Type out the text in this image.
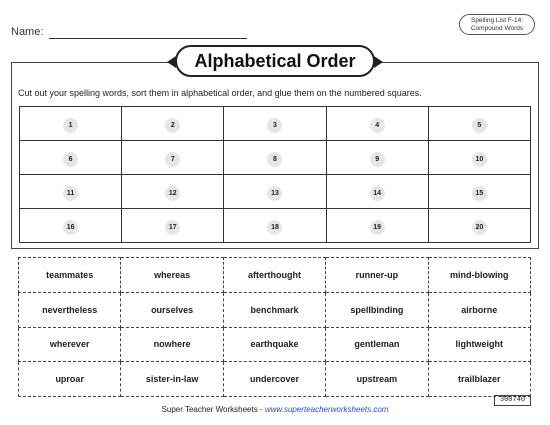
Name:
Spelling List F-14:
Compound Words
Alphabetical Order
Cut out your spelling words, sort them in alphabetical order, and glue them on the numbered squares.
1	2	3	4	5
6	7	8	9	10
11	12	13	14	15
16	17	18	19	20
teammates	whereas	afterthought	runner-up	mind-blowing
nevertheless	ourselves	benchmark	spellbinding	airborne
wherever	nowhere	earthquake	gentleman	lightweight
uproar	sister-in-law	undercover	upstream	trailblazer
300740
Super Teacher Worksheets - www.superteacherworksheets.com
